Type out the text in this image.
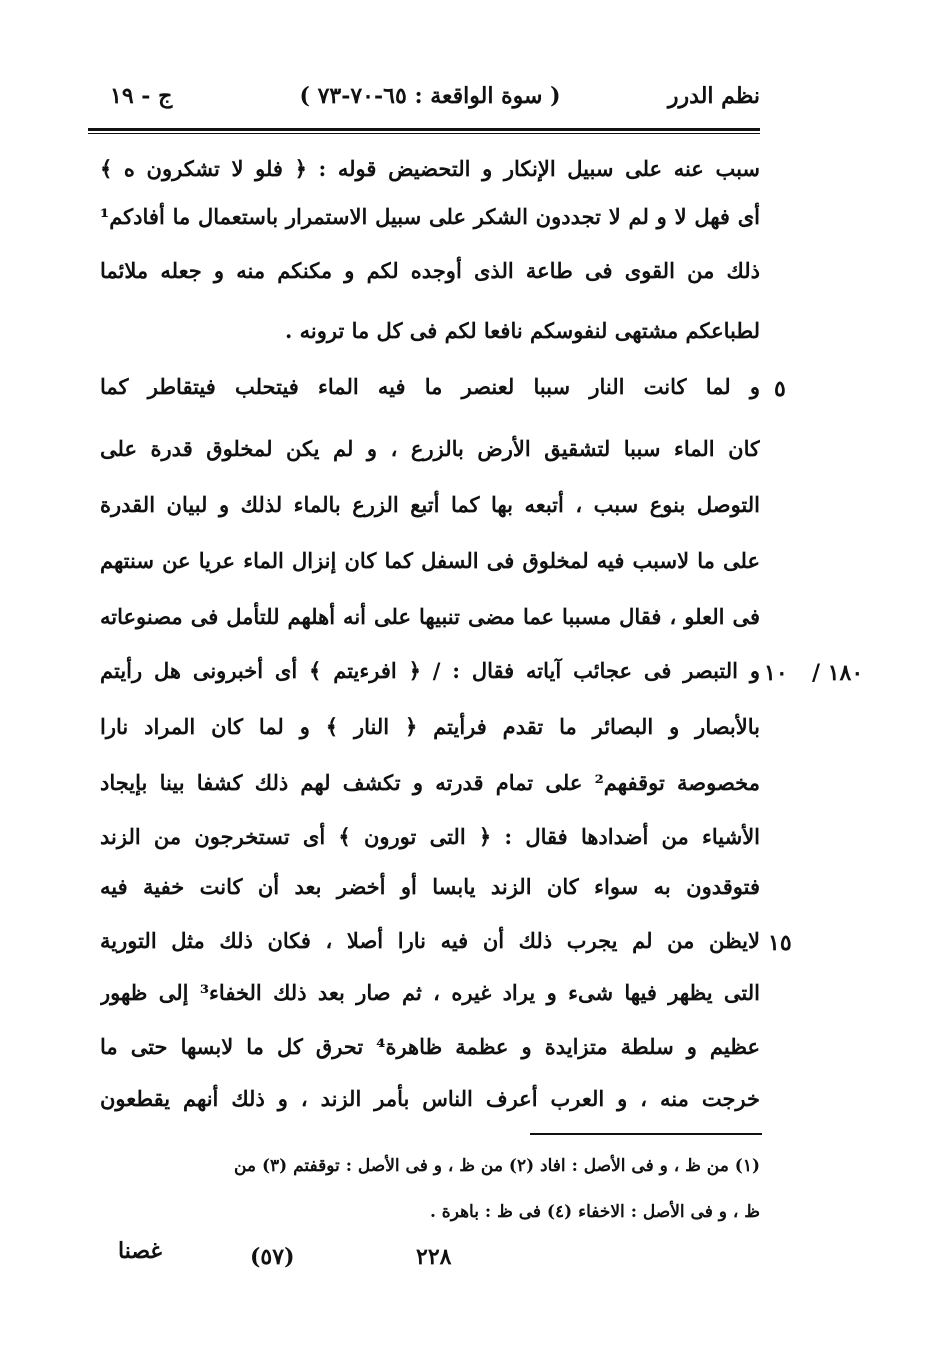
نظم الدرر
( سوة الواقعة : ٦٥-٧٠-٧٣ )
ج - ١٩
سبب عنه على سبيل الإنكار و التحضيض قوله : ﴿ فلو لا تشكرون ه ﴾
أى فهل لا و لم لا تجددون الشكر على سبيل الاستمرار باستعمال ما أفادكم¹
ذلك من القوى فى طاعة الذى أوجده لكم و مكنكم منه و جعله ملائما
لطباعكم مشتهى لنفوسكم نافعا لكم فى كل ما ترونه .
و لما كانت النار سببا لعنصر ما فيه الماء فيتحلب فيتقاطر كما
كان الماء سببا لتشقيق الأرض بالزرع ، و لم يكن لمخلوق قدرة على
التوصل بنوع سبب ، أتبعه بها كما أتبع الزرع بالماء لذلك و لبيان القدرة
على ما لاسبب فيه لمخلوق فى السفل كما كان إنزال الماء عريا عن سنتهم
فى العلو ، فقال مسببا عما مضى تنبيها على أنه أهلهم للتأمل فى مصنوعاته
و التبصر فى عجائب آياته فقال : / ﴿ افرءيتم ﴾ أى أخبرونى هل رأيتم
بالأبصار و البصائر ما تقدم فرأيتم ﴿ النار ﴾ و لما كان المراد نارا
مخصوصة توقفهم² على تمام قدرته و تكشف لهم ذلك كشفا بينا بإيجاد
الأشياء من أضدادها فقال : ﴿ التى تورون ﴾ أى تستخرجون من الزند
فتوقدون به سواء كان الزند يابسا أو أخضر بعد أن كانت خفية فيه
لايظن من لم يجرب ذلك أن فيه نارا أصلا ، فكان ذلك مثل التورية
التى يظهر فيها شىء و يراد غيره ، ثم صار بعد ذلك الخفاء³ إلى ظهور
عظيم و سلطة متزايدة و عظمة ظاهرة⁴ تحرق كل ما لابسها حتى ما
خرجت منه ، و العرب أعرف الناس بأمر الزند ، و ذلك أنهم يقطعون
٥
١٠ ١٨٠ /
١٥
(١) من ظ ، و فى الأصل : افاد (٢) من ظ ، و فى الأصل : توقفتم (٣) من
ظ ، و فى الأصل : الاخفاء (٤) فى ظ : باهرة .
٢٢٨
(٥٧)
غصنا
